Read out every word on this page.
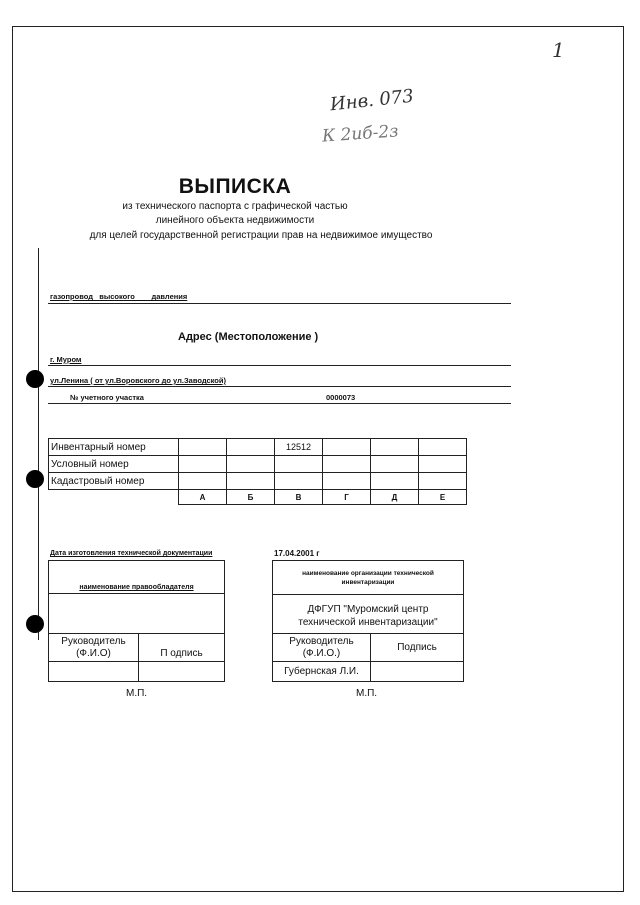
1
Инв. 073
К 2иб-2з
ВЫПИСКА
из технического паспорта с графической частью
линейного объекта недвижимости
для целей государственной регистрации прав на недвижимое имущество
газопровод   высокого        давления
Адрес (Местоположение )
г. Муром
ул.Ленина ( от ул.Воровского до ул.Заводской)
№ учетного участка	0000073
Инвентарный номер			12512			
Условный номер						
Кадастровый номер						
	А	Б	В	Г	Д	Е
Дата изготовления технической документации	17.04.2001 г
наименование правообладателя
Руководитель (Ф.И.О)	П одпись
М.П.
наименование организации технической инвентаризации
ДФГУП "Муромский центр технической инвентаризации"
Руководитель (Ф.И.О.)	Подпись
Губернская Л.И.
М.П.
